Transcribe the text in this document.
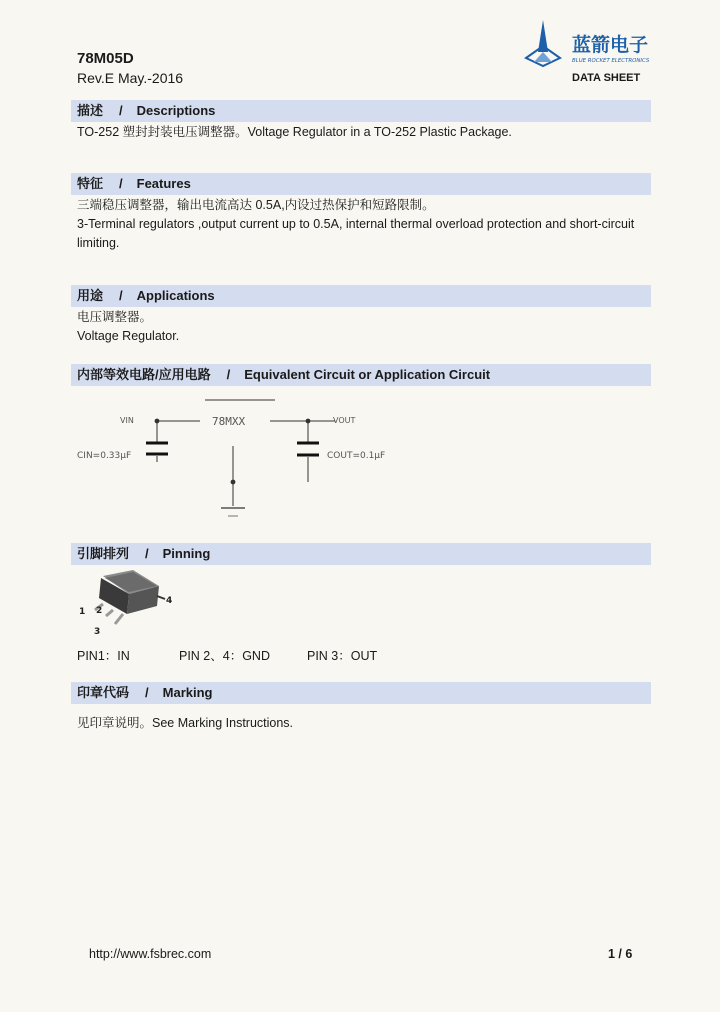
78M05D
Rev.E May.-2016
蓝箭电子
BLUE ROCKET ELECTRONICS
DATA SHEET
描述 / Descriptions
TO-252 塑封封装电压调整器。Voltage Regulator in a TO-252 Plastic Package.
特征 / Features
三端稳压调整器，输出电流高达 0.5A,内设过热保护和短路限制。
3-Terminal regulators ,output current up to 0.5A, internal thermal overload protection and short-circuit
limiting.
用途 / Applications
电压调整器。
Voltage Regulator.
内部等效电路/应用电路 / Equivalent Circuit or Application Circuit
78MXX
VIN	VOUT
CIN=0.33μF	COUT=0.1μF
引脚排列 / Pinning
1 2
3
4
PIN1：IN	PIN 2、4：GND	PIN 3：OUT
印章代码 / Marking
见印章说明。See Marking Instructions.
http://www.fsbrec.com	1 / 6
